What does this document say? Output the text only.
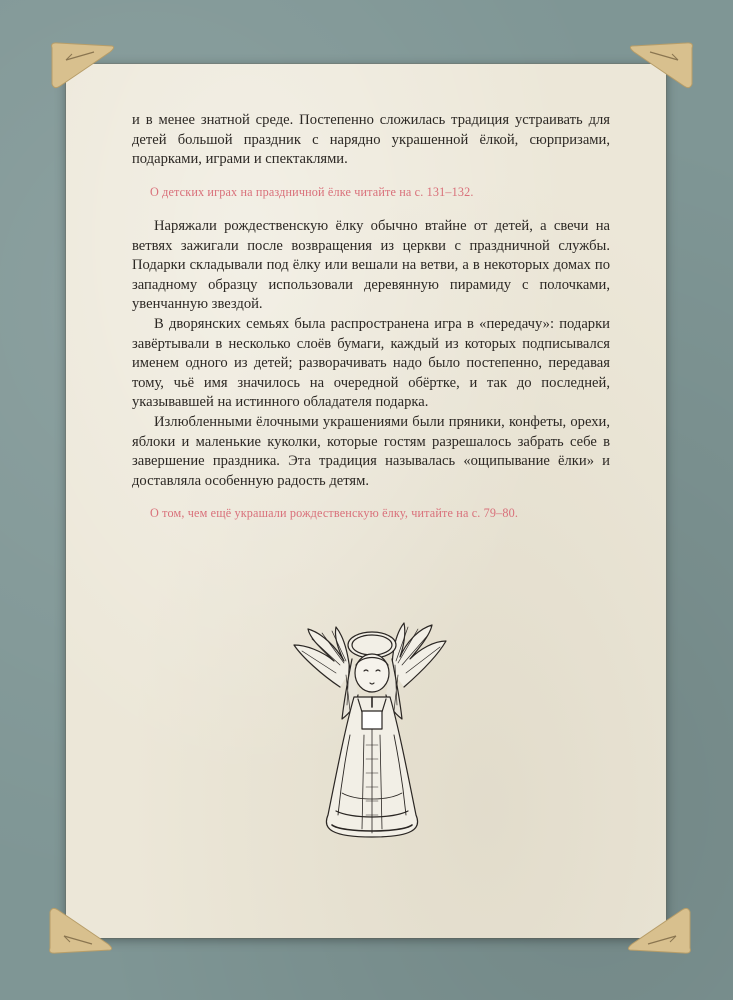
и в менее знатной среде. Постепенно сложилась традиция устраивать для детей большой праздник с нарядно украшенной ёлкой, сюрпризами, подарками, играми и спектаклями.

О детских играх на праздничной ёлке читайте на с. 131–132.

Наряжали рождественскую ёлку обычно втайне от детей, а свечи на ветвях зажигали после возвращения из церкви с праздничной службы. Подарки складывали под ёлку или вешали на ветви, а в некоторых домах по западному образцу использовали деревянную пирамиду с полочками, увенчанную звездой.

В дворянских семьях была распространена игра в «передачу»: подарки завёртывали в несколько слоёв бумаги, каждый из которых подписывался именем одного из детей; разворачивать надо было постепенно, передавая тому, чьё имя значилось на очередной обёртке, и так до последней, указывавшей на истинного обладателя подарка.

Излюбленными ёлочными украшениями были пряники, конфеты, орехи, яблоки и маленькие куколки, которые гостям разрешалось забрать себе в завершение праздника. Эта традиция называлась «ощипывание ёлки» и доставляла особенную радость детям.

О том, чем ещё украшали рождественскую ёлку, читайте на с. 79–80.
